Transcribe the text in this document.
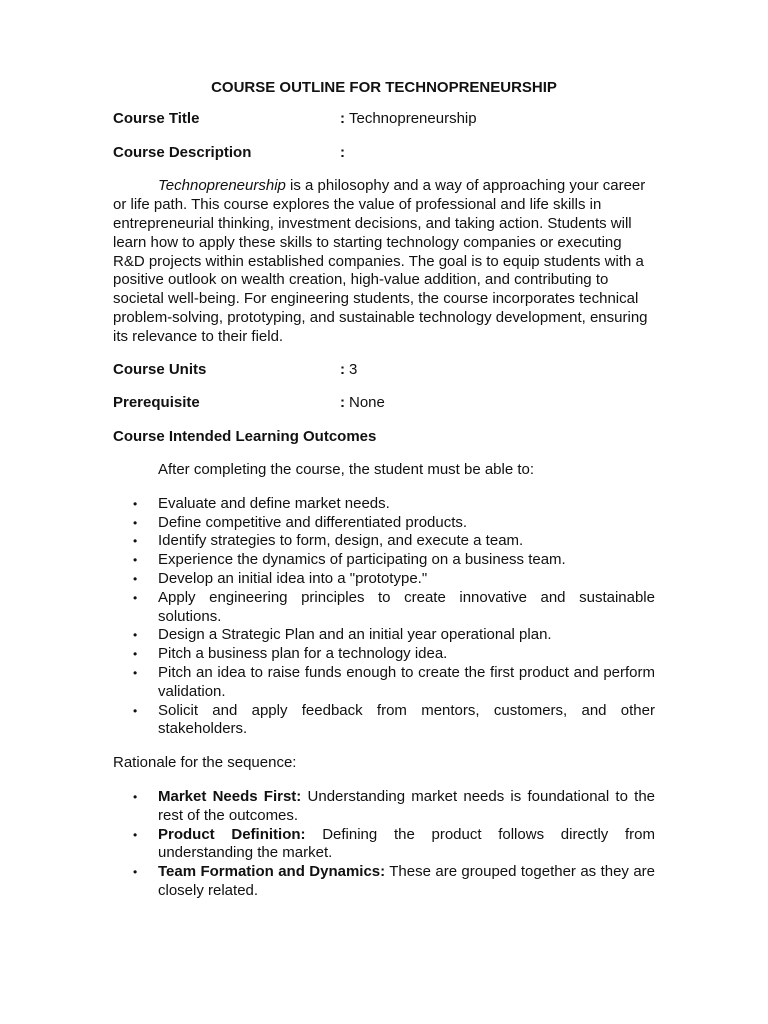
COURSE OUTLINE FOR TECHNOPRENEURSHIP
Course Title	: Technopreneurship
Course Description	:

Technopreneurship is a philosophy and a way of approaching your career or life path. This course explores the value of professional and life skills in entrepreneurial thinking, investment decisions, and taking action. Students will learn how to apply these skills to starting technology companies or executing R&D projects within established companies. The goal is to equip students with a positive outlook on wealth creation, high-value addition, and contributing to societal well-being. For engineering students, the course incorporates technical problem-solving, prototyping, and sustainable technology development, ensuring its relevance to their field.

Course Units	: 3
Prerequisite	: None
Course Intended Learning Outcomes
After completing the course, the student must be able to:
• Evaluate and define market needs.
• Define competitive and differentiated products.
• Identify strategies to form, design, and execute a team.
• Experience the dynamics of participating on a business team.
• Develop an initial idea into a "prototype."
• Apply engineering principles to create innovative and sustainable solutions.
• Design a Strategic Plan and an initial year operational plan.
• Pitch a business plan for a technology idea.
• Pitch an idea to raise funds enough to create the first product and perform validation.
• Solicit and apply feedback from mentors, customers, and other stakeholders.
Rationale for the sequence:
• Market Needs First: Understanding market needs is foundational to the rest of the outcomes.
• Product Definition: Defining the product follows directly from understanding the market.
• Team Formation and Dynamics: These are grouped together as they are closely related.
